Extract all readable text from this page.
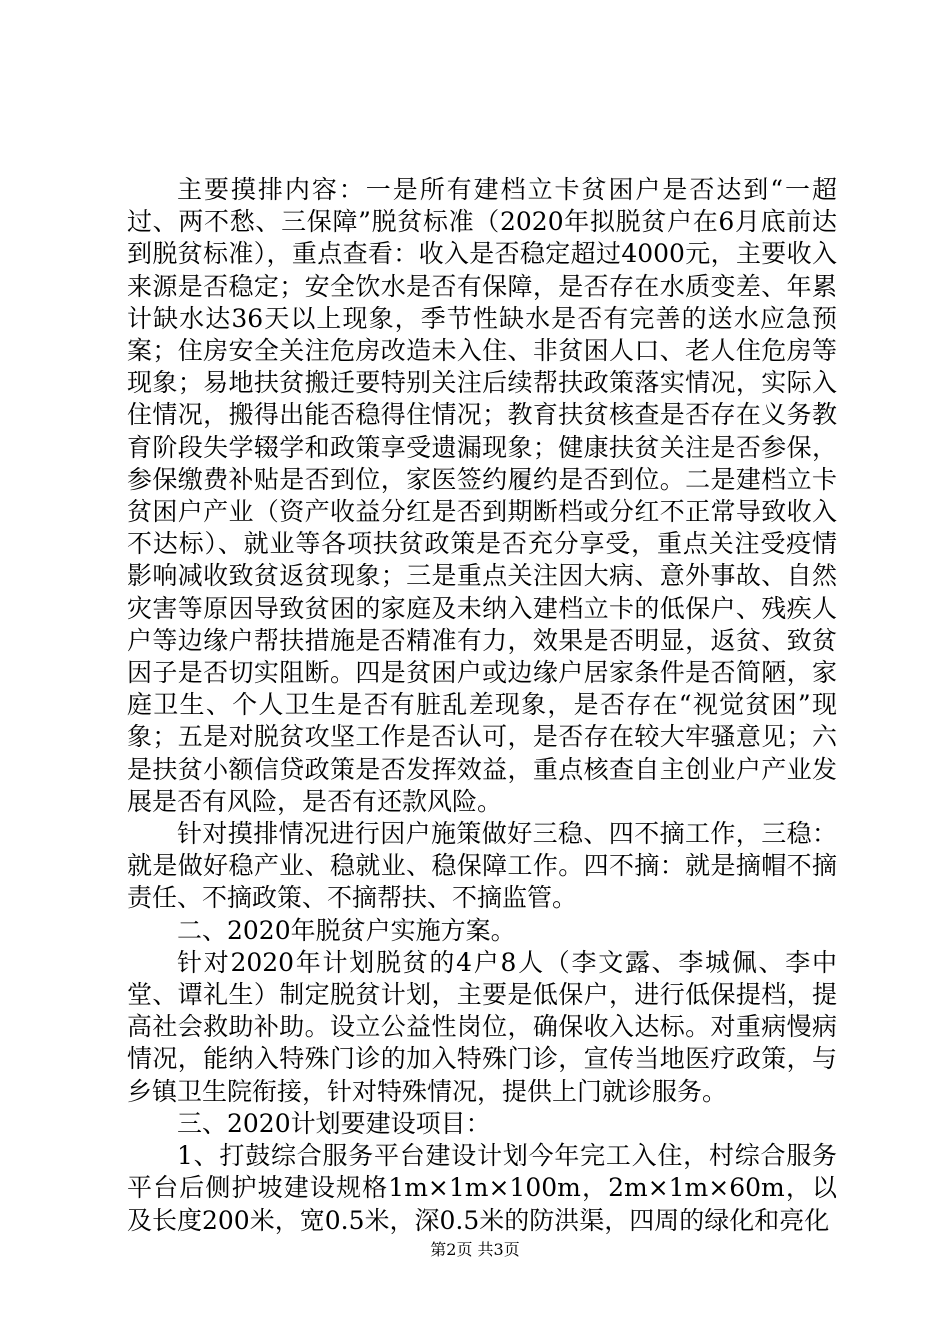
主要摸排内容：一是所有建档立卡贫困户是否达到“一超过、两不愁、三保障”脱贫标准（2020年拟脱贫户在6月底前达到脱贫标准），重点查看：收入是否稳定超过4000元，主要收入来源是否稳定；安全饮水是否有保障，是否存在水质变差、年累计缺水达36天以上现象，季节性缺水是否有完善的送水应急预案；住房安全关注危房改造未入住、非贫困人口、老人住危房等现象；易地扶贫搬迁要特别关注后续帮扶政策落实情况，实际入住情况，搬得出能否稳得住情况；教育扶贫核查是否存在义务教育阶段失学辍学和政策享受遗漏现象；健康扶贫关注是否参保，参保缴费补贴是否到位，家医签约履约是否到位。二是建档立卡贫困户产业（资产收益分红是否到期断档或分红不正常导致收入不达标）、就业等各项扶贫政策是否充分享受，重点关注受疫情影响减收致贫返贫现象；三是重点关注因大病、意外事故、自然灾害等原因导致贫困的家庭及未纳入建档立卡的低保户、残疾人户等边缘户帮扶措施是否精准有力，效果是否明显，返贫、致贫因子是否切实阻断。四是贫困户或边缘户居家条件是否简陋，家庭卫生、个人卫生是否有脏乱差现象，是否存在“视觉贫困”现象；五是对脱贫攻坚工作是否认可，是否存在较大牢骚意见；六是扶贫小额信贷政策是否发挥效益，重点核查自主创业户产业发展是否有风险，是否有还款风险。

针对摸排情况进行因户施策做好三稳、四不摘工作，三稳：就是做好稳产业、稳就业、稳保障工作。四不摘：就是摘帽不摘责任、不摘政策、不摘帮扶、不摘监管。

二、2020年脱贫户实施方案。

针对2020年计划脱贫的4户8人（李文露、李城佩、李中堂、谭礼生）制定脱贫计划，主要是低保户，进行低保提档，提高社会救助补助。设立公益性岗位，确保收入达标。对重病慢病情况，能纳入特殊门诊的加入特殊门诊，宣传当地医疗政策，与乡镇卫生院衔接，针对特殊情况，提供上门就诊服务。

三、2020计划要建设项目：

1、打鼓综合服务平台建设计划今年完工入住，村综合服务平台后侧护坡建设规格1m×1m×100m，2m×1m×60m，以及长度200米，宽0.5米，深0.5米的防洪渠，四周的绿化和亮化

第2页 共3页
